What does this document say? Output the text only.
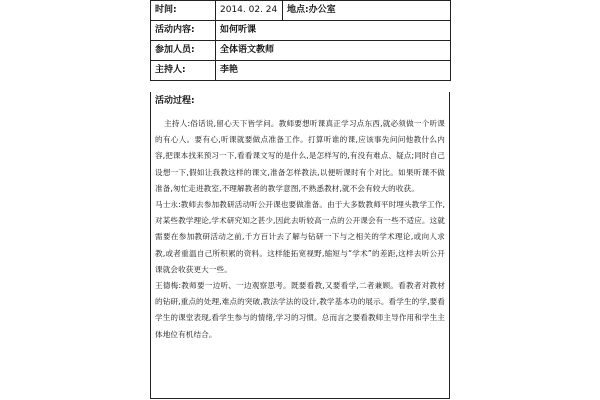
时间:	2014. 02. 24	地点:办公室
活动内容:	如何听课	
参加人员:	全体语文教师	
主持人:	李艳	
活动过程:

主持人:俗话说,留心天下皆学问。教师要想听课真正学习点东西,就必须做一个听课的有心人。要有心,听课就要做点准备工作。打算听谁的课,应该事先问问他教什么内容,把课本找来预习一下,看看课文写的是什么,是怎样写的,有没有难点、疑点;同时自己设想一下,假如让我教这样的课文,准备怎样教法,以便听课时有个对比。如果听课不做准备,匆忙走进教室,不理解教者的教学意图,不熟悉教材,就不会有较大的收获。

马士永:教师去参加教研活动听公开课也要做准备。由于大多数教师平时埋头教学工作,对某些教学理论,学术研究知之甚少,因此去听较高一点的公开课会有一些不适应。这就需要在参加教研活动之前,千方百计去了解与钻研一下与之相关的学术理论,或向人求教,或者重温自己所积累的资料。这样能拓宽视野,缩短与“学术”的差距,这样去听公开课就会收获更大一些。

王德梅:教师要一边听、一边观察思考。既要看教,又要看学,二者兼顾。看教者对教材的钻研,重点的处理,难点的突破,教法学法的设计,教学基本功的展示。看学生的学,要看学生的课堂表现,看学生参与的情绪,学习的习惯。总而言之要看教师主导作用和学生主体地位有机结合。
